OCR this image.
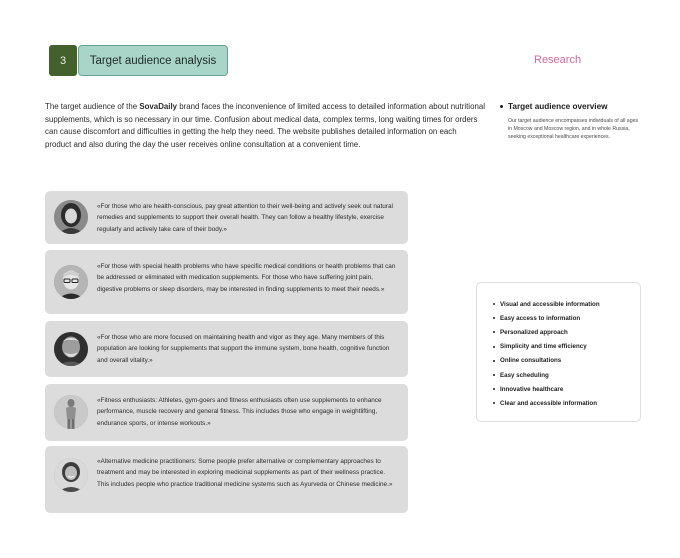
3	Target audience analysis	Research

The target audience of the SovaDaily brand faces the inconvenience of limited access to detailed information about nutritional supplements, which is so necessary in our time. Confusion about medical data, complex terms, long waiting times for orders can cause discomfort and difficulties in getting the help they need. The website publishes detailed information on each product and also during the day the user receives online consultation at a convenient time.

Target audience overview

Our target audience encompasses individuals of all ages in Moscow and Moscow region, and in whole Russia, seeking exceptional healthcare experiences.

«For those who are health-conscious, pay great attention to their well-being and actively seek out natural remedies and supplements to support their overall health. They can follow a healthy lifestyle, exercise regularly and actively take care of their body.»

«For those with special health problems who have specific medical conditions or health problems that can be addressed or eliminated with medication supplements. For those who have suffering joint pain, digestive problems or sleep disorders, may be interested in finding supplements to meet their needs.»

«For those who are more focused on maintaining health and vigor as they age. Many members of this population are looking for supplements that support the immune system, bone health, cognitive function and overall vitality.»

«Fitness enthusiasts: Athletes, gym-goers and fitness enthusiasts often use supplements to enhance performance, muscle recovery and general fitness. This includes those who engage in weightlifting, endurance sports, or intense workouts.»

«Alternative medicine practitioners: Some people prefer alternative or complementary approaches to treatment and may be interested in exploring medicinal supplements as part of their wellness practice. This includes people who practice traditional medicine systems such as Ayurveda or Chinese medicine.»

Visual and accessible information
Easy access to information
Personalized approach
Simplicity and time efficiency
Online consultations
Easy scheduling
Innovative healthcare
Clear and accessible information
